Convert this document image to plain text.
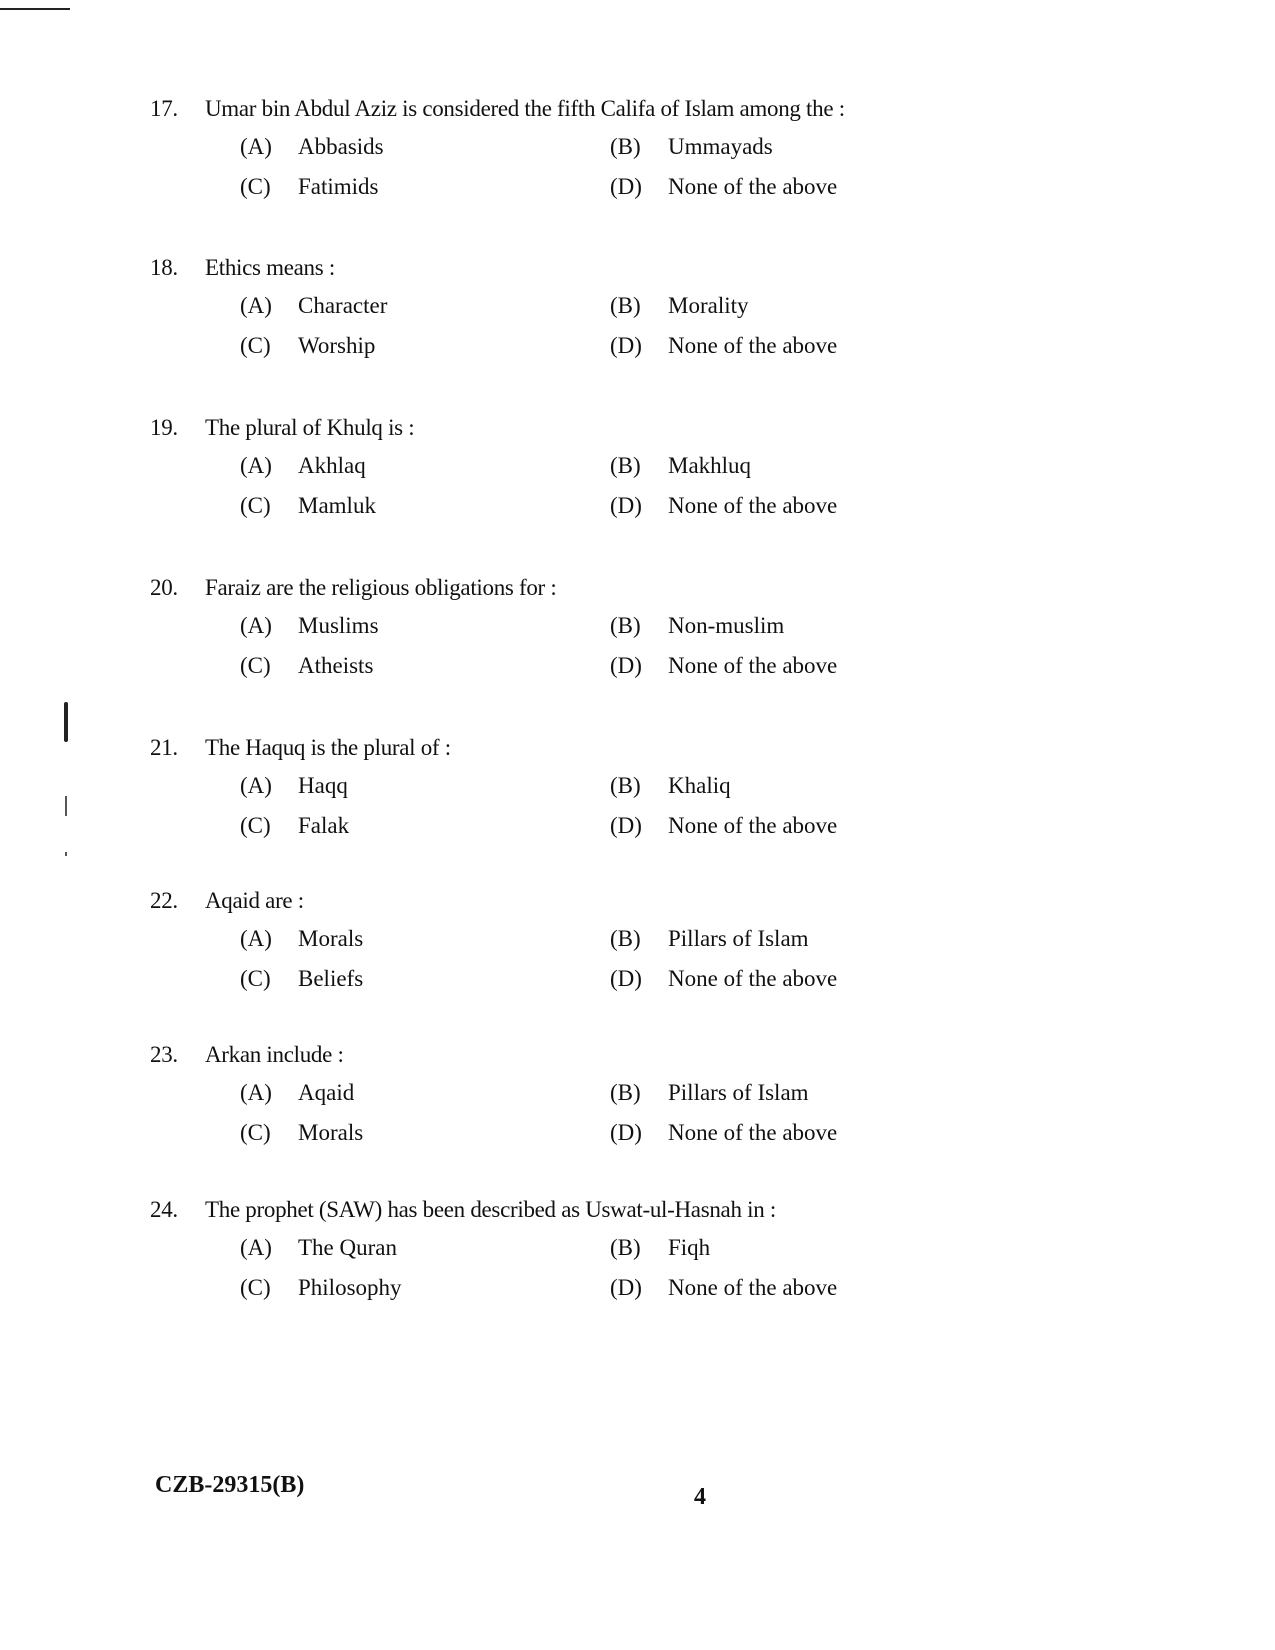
17.	Umar bin Abdul Aziz is considered the fifth Califa of Islam among the :
(A)	Abbasids	(B)	Ummayads
(C)	Fatimids	(D)	None of the above
18.	Ethics means :
(A)	Character	(B)	Morality
(C)	Worship	(D)	None of the above
19.	The plural of Khulq is :
(A)	Akhlaq	(B)	Makhluq
(C)	Mamluk	(D)	None of the above
20.	Faraiz are the religious obligations for :
(A)	Muslims	(B)	Non-muslim
(C)	Atheists	(D)	None of the above
21.	The Haquq is the plural of :
(A)	Haqq	(B)	Khaliq
(C)	Falak	(D)	None of the above
22.	Aqaid are :
(A)	Morals	(B)	Pillars of Islam
(C)	Beliefs	(D)	None of the above
23.	Arkan include :
(A)	Aqaid	(B)	Pillars of Islam
(C)	Morals	(D)	None of the above
24.	The prophet (SAW) has been described as Uswat-ul-Hasnah in :
(A)	The Quran	(B)	Fiqh
(C)	Philosophy	(D)	None of the above
CZB-29315(B)	4
